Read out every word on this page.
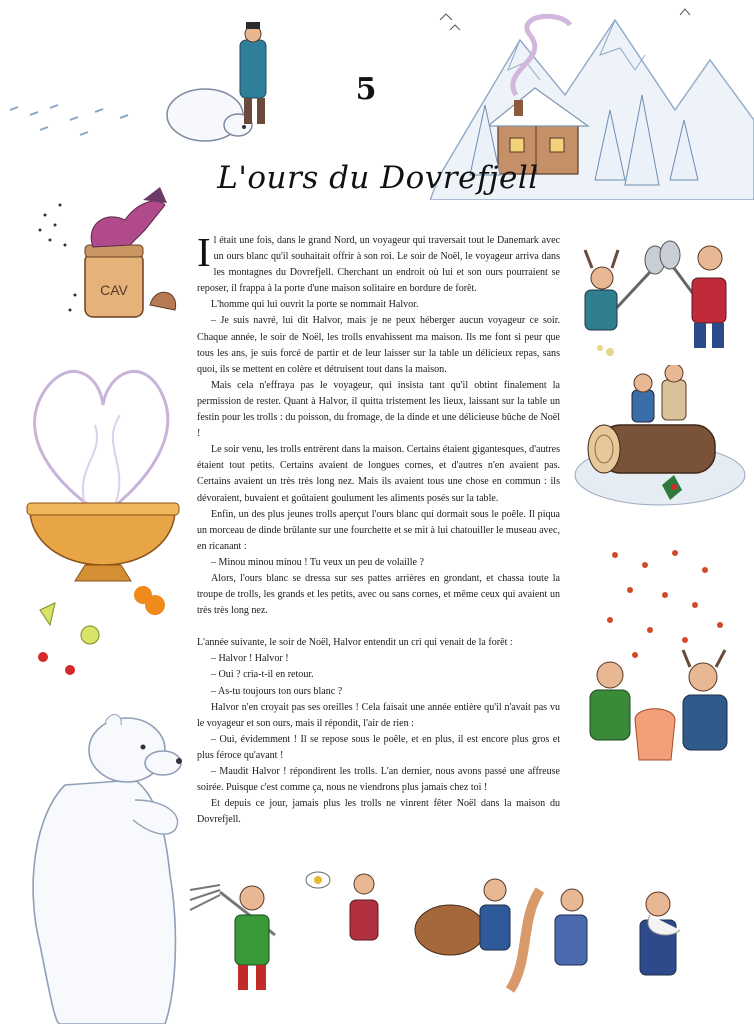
CAV
5
L'ours du Dovrefjell

Il était une fois, dans le grand Nord, un voyageur qui traversait tout le Danemark avec un ours blanc qu'il souhaitait offrir à son roi. Le soir de Noël, le voyageur arriva dans les montagnes du Dovrefjell. Cherchant un endroit où lui et son ours pourraient se reposer, il frappa à la porte d'une maison solitaire en bordure de forêt.

L'homme qui lui ouvrit la porte se nommait Halvor.

– Je suis navré, lui dit Halvor, mais je ne peux héberger aucun voyageur ce soir. Chaque année, le soir de Noël, les trolls envahissent ma maison. Ils me font si peur que tous les ans, je suis forcé de partir et de leur laisser sur la table un délicieux repas, sans quoi, ils se mettent en colère et détruisent tout dans la maison.

Mais cela n'effraya pas le voyageur, qui insista tant qu'il obtint finalement la permission de rester. Quant à Halvor, il quitta tristement les lieux, laissant sur la table un festin pour les trolls : du poisson, du fromage, de la dinde et une délicieuse bûche de Noël !

Le soir venu, les trolls entrèrent dans la maison. Certains étaient gigantesques, d'autres étaient tout petits. Certains avaient de longues cornes, et d'autres n'en avaient pas. Certains avaient un très très long nez. Mais ils avaient tous une chose en commun : ils dévoraient, buvaient et goûtaient goulument les aliments posés sur la table.

Enfin, un des plus jeunes trolls aperçut l'ours blanc qui dormait sous le poêle. Il piqua un morceau de dinde brûlante sur une fourchette et se mit à lui chatouiller le museau avec, en ricanant :

– Minou minou minou ! Tu veux un peu de volaille ?

Alors, l'ours blanc se dressa sur ses pattes arrières en grondant, et chassa toute la troupe de trolls, les grands et les petits, avec ou sans cornes, et même ceux qui avaient un très très long nez.

L'année suivante, le soir de Noël, Halvor entendit un cri qui venait de la forêt :

– Halvor ! Halvor !

– Oui ? cria-t-il en retour.

– As-tu toujours ton ours blanc ?

Halvor n'en croyait pas ses oreilles ! Cela faisait une année entière qu'il n'avait pas vu le voyageur et son ours, mais il répondit, l'air de rien :

– Oui, évidemment ! Il se repose sous le poêle, et en plus, il est encore plus gros et plus féroce qu'avant !

– Maudit Halvor ! répondirent les trolls. L'an dernier, nous avons passé une affreuse soirée. Puisque c'est comme ça, nous ne viendrons plus jamais chez toi !

Et depuis ce jour, jamais plus les trolls ne vinrent fêter Noël dans la maison du Dovrefjell.
